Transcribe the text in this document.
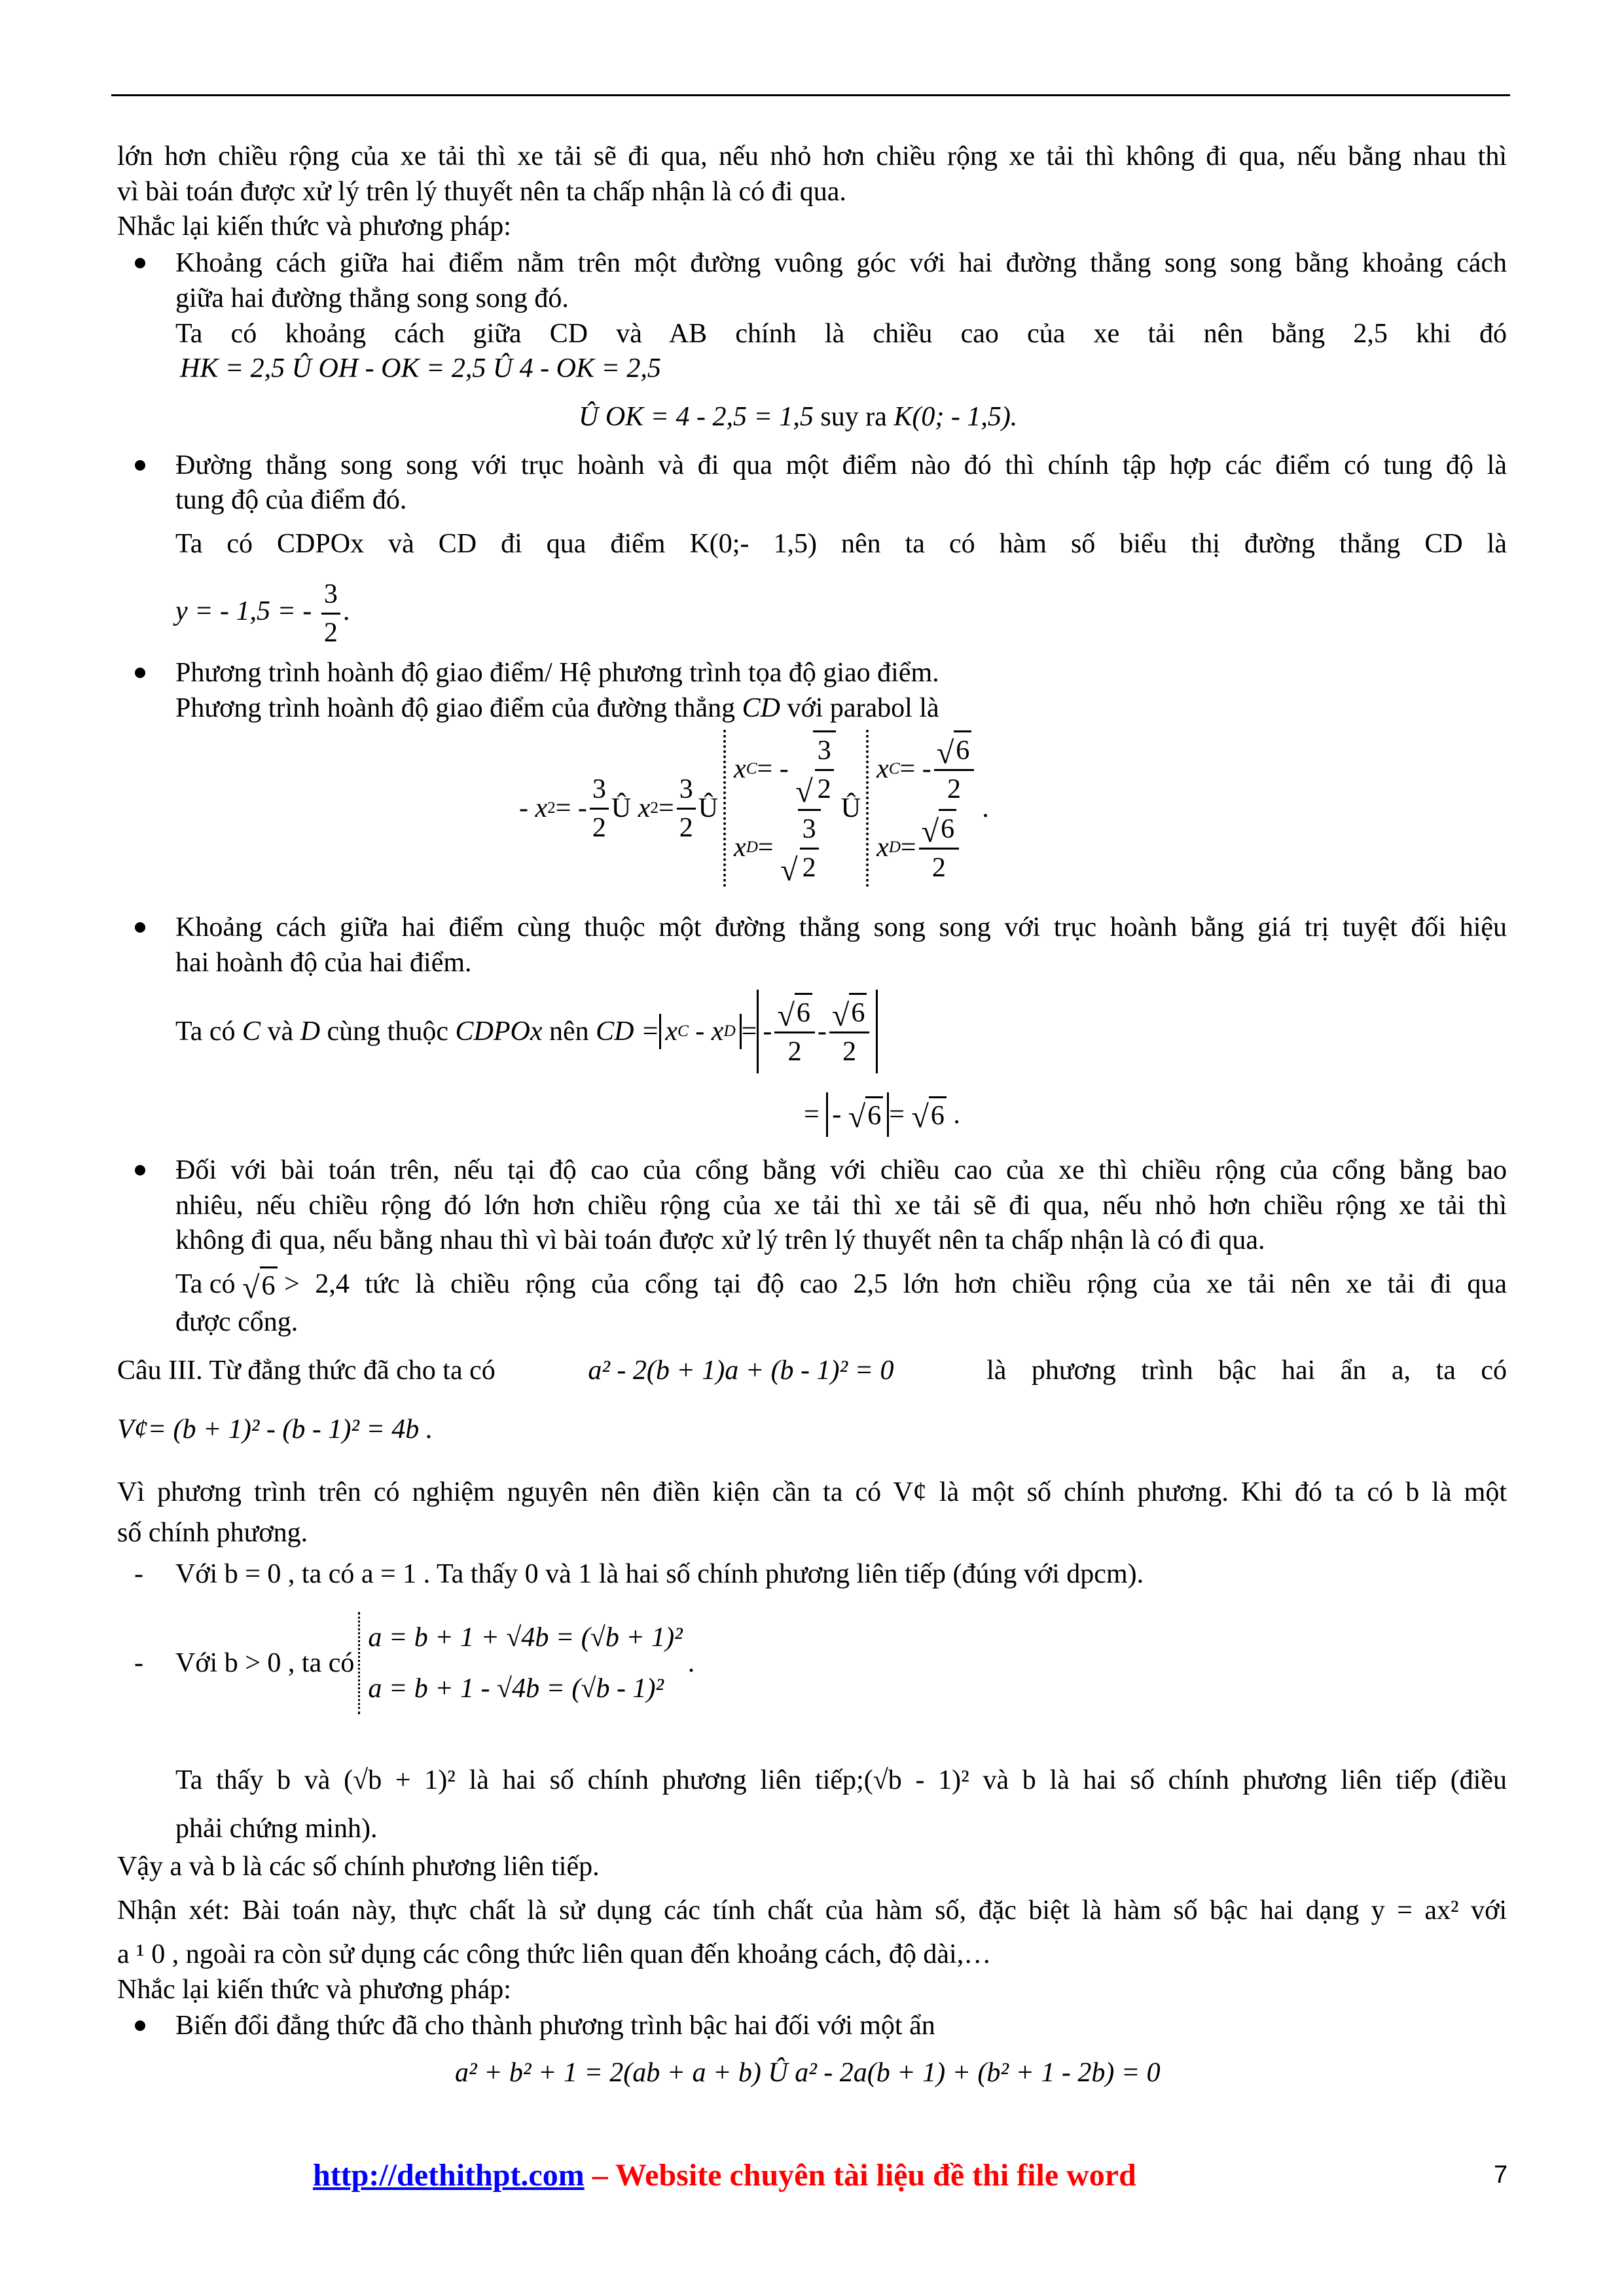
lớn hơn chiều rộng của xe tải thì xe tải sẽ đi qua, nếu nhỏ hơn chiều rộng xe tải thì không đi qua, nếu bằng nhau thì
vì bài toán được xử lý trên lý thuyết nên ta chấp nhận là có đi qua.
Nhắc lại kiến thức và phương pháp:
Khoảng cách giữa hai điểm nằm trên một đường vuông góc với hai đường thẳng song song bằng khoảng cách
giữa hai đường thẳng song song đó.
Ta có khoảng cách giữa CD và AB chính là chiều cao của xe tải nên bằng 2,5 khi đó
HK = 2,5 Û OH - OK = 2,5 Û 4 - OK = 2,5
Û OK = 4 - 2,5 = 1,5 suy ra K(0; - 1,5).
Đường thẳng song song với trục hoành và đi qua một điểm nào đó thì chính tập hợp các điểm có tung độ là
tung độ của điểm đó.
Ta có CDPOx và CD đi qua điểm K(0;- 1,5) nên ta có hàm số biểu thị đường thẳng CD là
y = - 1,5 = - $\frac{3}{2}$ .
Phương trình hoành độ giao điểm/ Hệ phương trình tọa độ giao điểm.
Phương trình hoành độ giao điểm của đường thẳng CD với parabol là
- x 2 = - $\frac{3}{2}$ Û
x $2 = \frac{3}{2}$ Û
x C = -

√ $\frac{3}{2}$
x D =

√ $\frac{3}{2}$
Û
x C = - $\frac{√ 6}{2}$
x $D = \frac{√ 6}{2}$
.
Khoảng cách giữa hai điểm cùng thuộc một đường thẳng song song với trục hoành bằng giá trị tuyệt đối hiệu
hai hoành độ của hai điểm.
Ta có
C
và
D
cùng thuộc
CDPOx
nên
CD = x C
-
x D = - $\frac{√ 6}{2} - \frac{√ 6}{2}$
=
-
√ 6 =
√ 6
.
Đối với bài toán trên, nếu tại độ cao của cổng bằng với chiều cao của xe thì chiều rộng của cổng bằng bao
nhiêu, nếu chiều rộng đó lớn hơn chiều rộng của xe tải thì xe tải sẽ đi qua, nếu nhỏ hơn chiều rộng xe tải thì
không đi qua, nếu bằng nhau thì vì bài toán được xử lý trên lý thuyết nên ta chấp nhận là có đi qua.
Ta có
√ 6
> 2,4 tức là chiều rộng của cổng tại độ cao 2,5 lớn hơn chiều rộng của xe tải nên xe tải đi qua
được cổng.
Câu III. Từ đẳng thức đã cho ta có	a² - 2(b + 1)a + (b - 1)² = 0	là phương trình bậc hai ẩn a, ta có
V¢= (b + 1)² - (b - 1)² = 4b .
Vì phương trình trên có nghiệm nguyên nên điền kiện cần ta có V¢ là một số chính phương. Khi đó ta có b là một
số chính phương.
- Với b = 0 , ta có a = 1 . Ta thấy 0 và 1 là hai số chính phương liên tiếp (đúng với dpcm).
- Với b > 0 , ta có
a = b + 1 + √4b = (√b + 1)²
a = b + 1 - √4b = (√b - 1)²
.
Ta thấy b và (√b + 1)² là hai số chính phương liên tiếp;(√b - 1)² và b là hai số chính phương liên tiếp (điều
phải chứng minh).
Vậy a và b là các số chính phương liên tiếp.
Nhận xét: Bài toán này, thực chất là sử dụng các tính chất của hàm số, đặc biệt là hàm số bậc hai dạng y = ax² với
a ¹ 0 , ngoài ra còn sử dụng các công thức liên quan đến khoảng cách, độ dài,…
Nhắc lại kiến thức và phương pháp:
Biến đổi đẳng thức đã cho thành phương trình bậc hai đối với một ẩn
a² + b² + 1 = 2(ab + a + b) Û a² - 2a(b + 1) + (b² + 1 - 2b) = 0
http://dethithpt.com – Website chuyên tài liệu đề thi file word	7
